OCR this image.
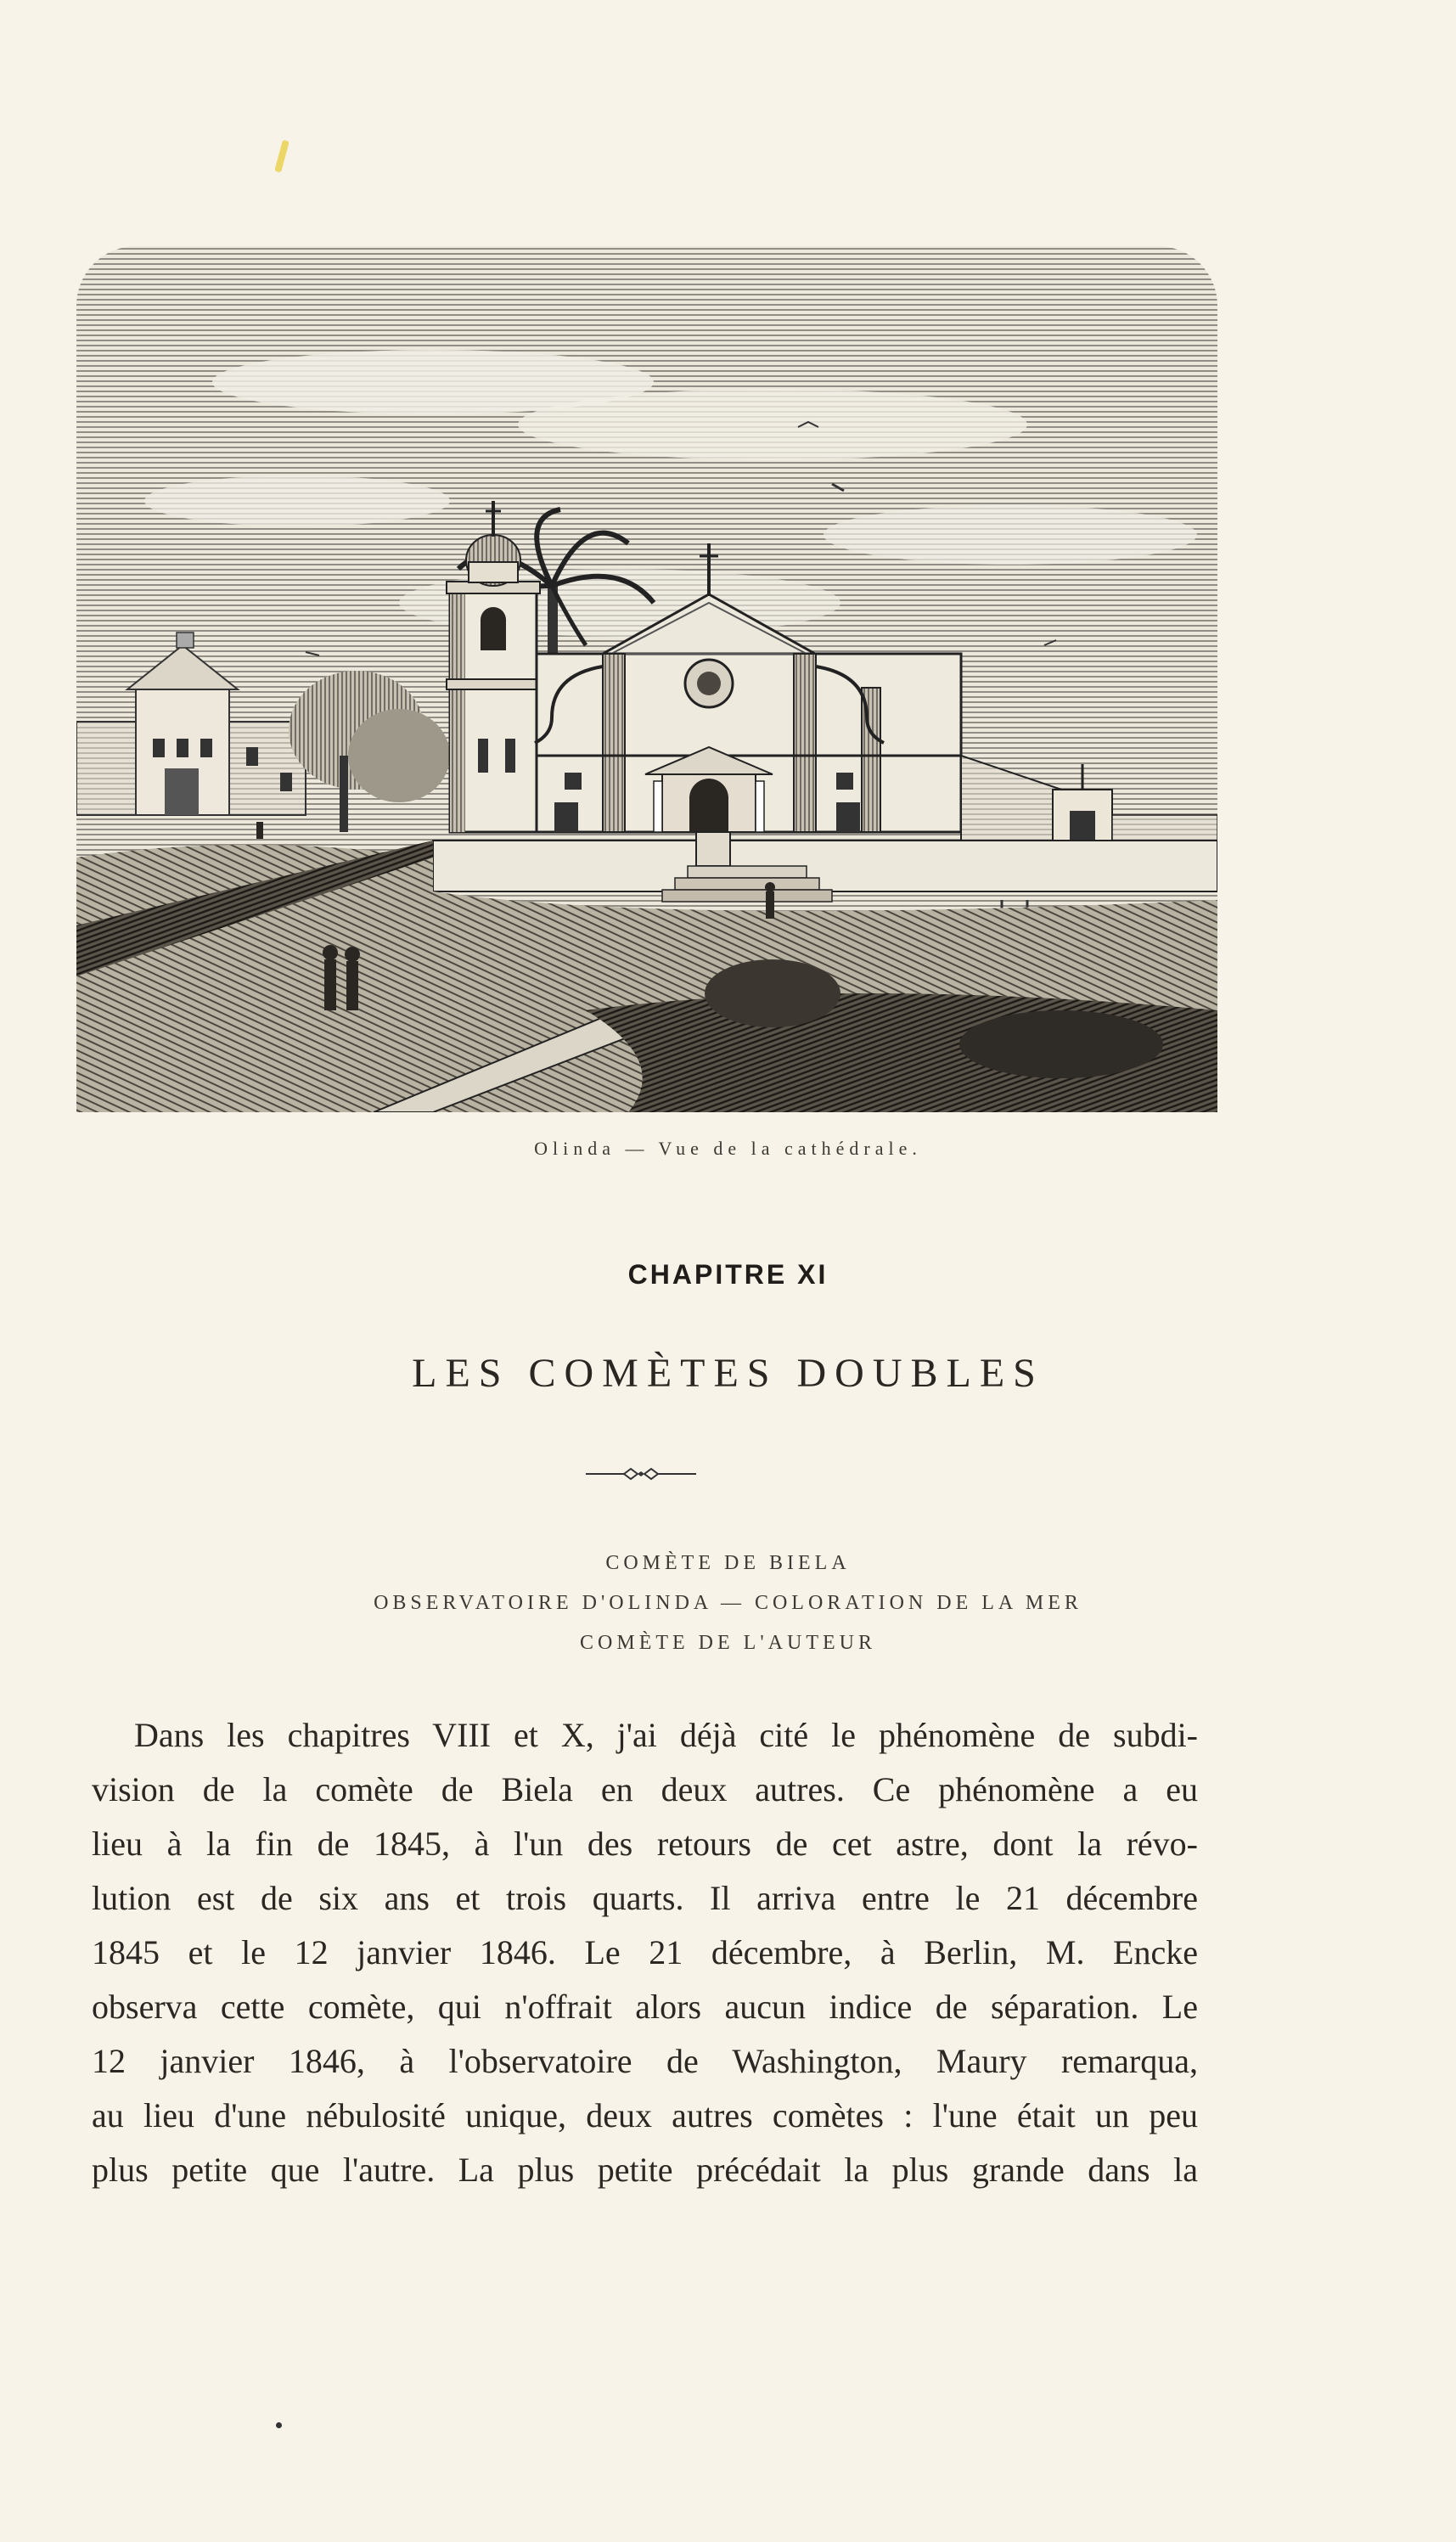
Olinda — Vue de la cathédrale.
CHAPITRE XI
LES COMÈTES DOUBLES
COMÈTE DE BIELA
OBSERVATOIRE D'OLINDA — COLORATION DE LA MER
COMÈTE DE L'AUTEUR
Dans les chapitres VIII et X, j'ai déjà cité le phénomène de subdi-
vision de la comète de Biela en deux autres. Ce phénomène a eu
lieu à la fin de 1845, à l'un des retours de cet astre, dont la révo-
lution est de six ans et trois quarts. Il arriva entre le 21 décembre
1845 et le 12 janvier 1846. Le 21 décembre, à Berlin, M. Encke
observa cette comète, qui n'offrait alors aucun indice de séparation. Le
12 janvier 1846, à l'observatoire de Washington, Maury remarqua,
au lieu d'une nébulosité unique, deux autres comètes : l'une était un peu
plus petite que l'autre. La plus petite précédait la plus grande dans la
